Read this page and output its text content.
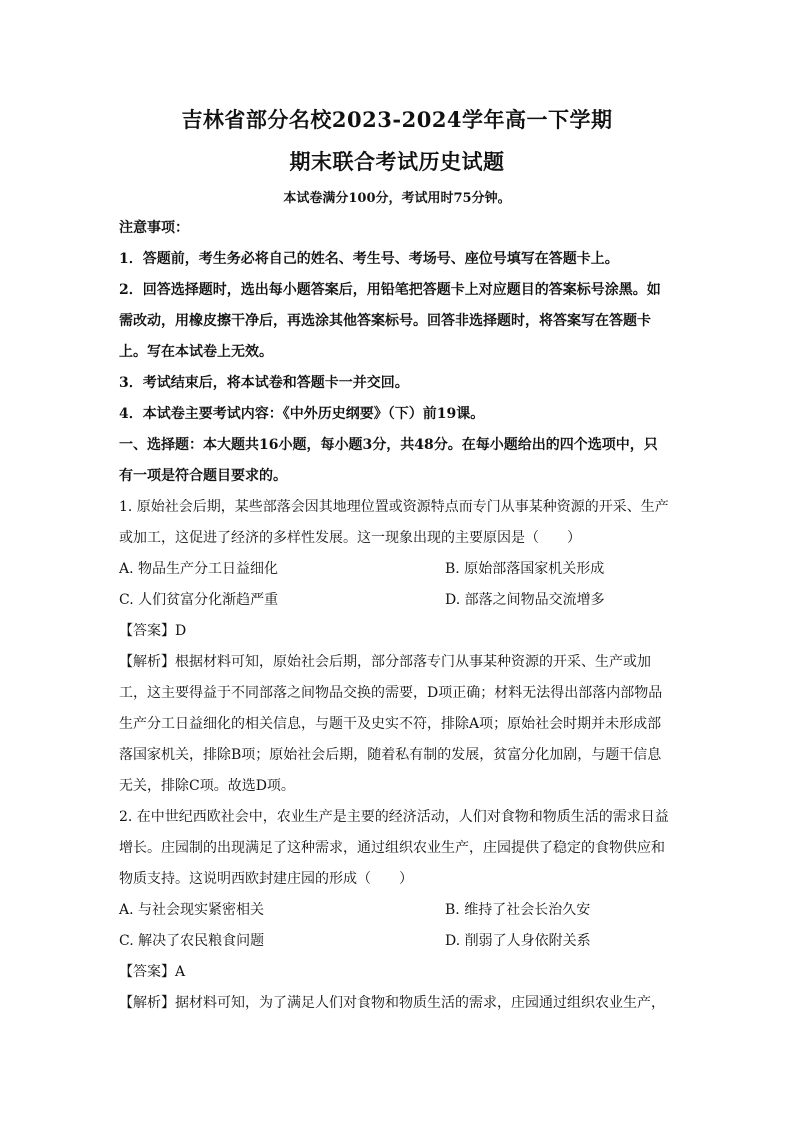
吉林省部分名校2023-2024学年高一下学期
期末联合考试历史试题
本试卷满分100分，考试用时75分钟。
注意事项：
1．答题前，考生务必将自己的姓名、考生号、考场号、座位号填写在答题卡上。
2．回答选择题时，选出每小题答案后，用铅笔把答题卡上对应题目的答案标号涂黑。如
需改动，用橡皮擦干净后，再选涂其他答案标号。回答非选择题时，将答案写在答题卡
上。写在本试卷上无效。
3．考试结束后，将本试卷和答题卡一并交回。
4．本试卷主要考试内容：《中外历史纲要》（下）前19课。
一、选择题：本大题共16小题，每小题3分，共48分。在每小题给出的四个选项中，只
有一项是符合题目要求的。
1. 原始社会后期，某些部落会因其地理位置或资源特点而专门从事某种资源的开采、生产
或加工，这促进了经济的多样性发展。这一现象出现的主要原因是（　　）
A. 物品生产分工日益细化	B. 原始部落国家机关形成
C. 人们贫富分化渐趋严重	D. 部落之间物品交流增多
【答案】D
【解析】根据材料可知，原始社会后期，部分部落专门从事某种资源的开采、生产或加
工，这主要得益于不同部落之间物品交换的需要，D项正确；材料无法得出部落内部物品
生产分工日益细化的相关信息，与题干及史实不符，排除A项；原始社会时期并未形成部
落国家机关，排除B项；原始社会后期，随着私有制的发展，贫富分化加剧，与题干信息
无关，排除C项。故选D项。
2. 在中世纪西欧社会中，农业生产是主要的经济活动，人们对食物和物质生活的需求日益
增长。庄园制的出现满足了这种需求，通过组织农业生产，庄园提供了稳定的食物供应和
物质支持。这说明西欧封建庄园的形成（　　）
A. 与社会现实紧密相关	B. 维持了社会长治久安
C. 解决了农民粮食问题	D. 削弱了人身依附关系
【答案】A
【解析】据材料可知，为了满足人们对食物和物质生活的需求，庄园通过组织农业生产，
